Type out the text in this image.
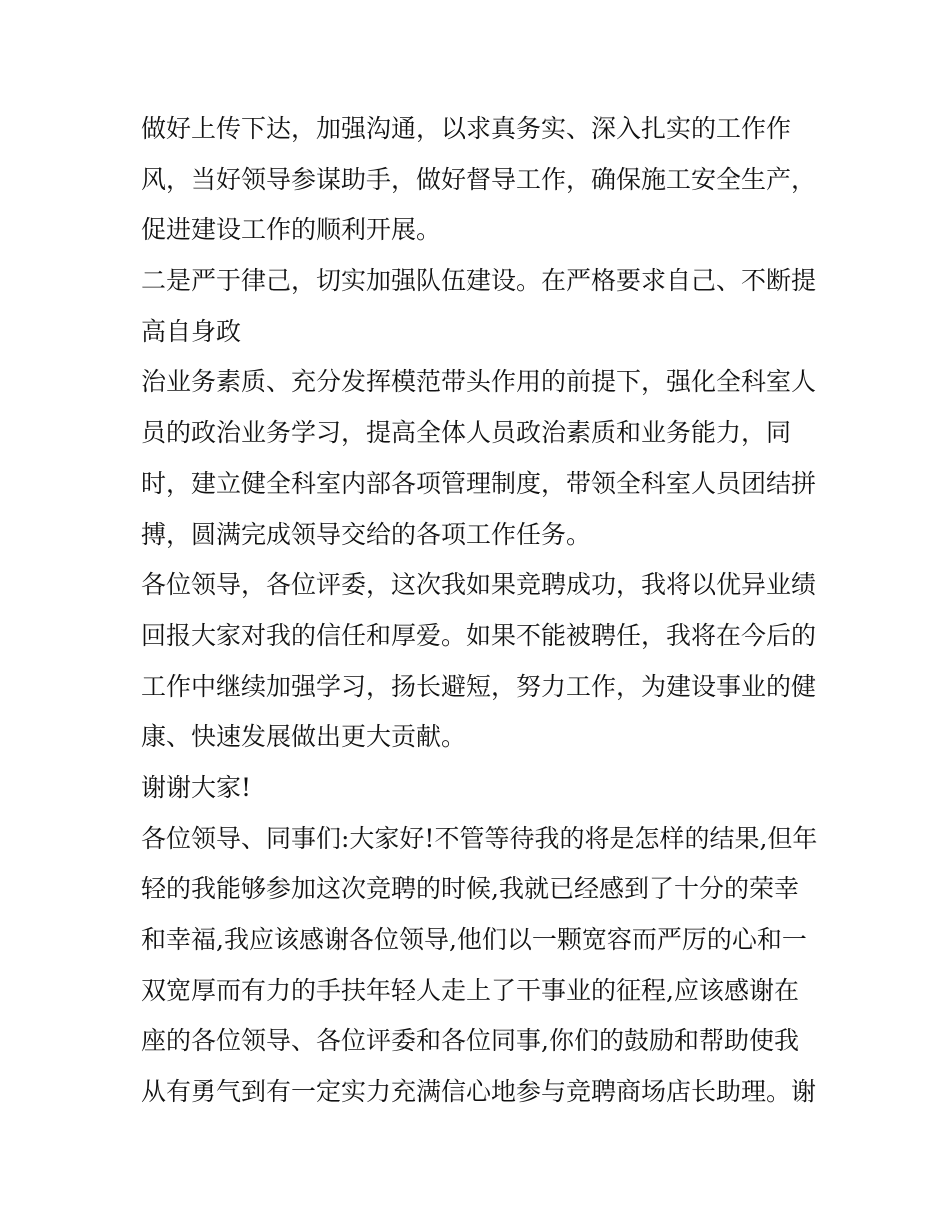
做好上传下达，加强沟通，以求真务实、深入扎实的工作作
风，当好领导参谋助手，做好督导工作，确保施工安全生产，
促进建设工作的顺利开展。
二是严于律己，切实加强队伍建设。在严格要求自己、不断提
高自身政
治业务素质、充分发挥模范带头作用的前提下，强化全科室人
员的政治业务学习，提高全体人员政治素质和业务能力，同
时，建立健全科室内部各项管理制度，带领全科室人员团结拼
搏，圆满完成领导交给的各项工作任务。
各位领导，各位评委，这次我如果竞聘成功，我将以优异业绩
回报大家对我的信任和厚爱。如果不能被聘任，我将在今后的
工作中继续加强学习，扬长避短，努力工作，为建设事业的健
康、快速发展做出更大贡献。
谢谢大家!
各位领导、同事们:大家好!不管等待我的将是怎样的结果,但年
轻的我能够参加这次竞聘的时候,我就已经感到了十分的荣幸
和幸福,我应该感谢各位领导,他们以一颗宽容而严厉的心和一
双宽厚而有力的手扶年轻人走上了干事业的征程,应该感谢在
座的各位领导、各位评委和各位同事,你们的鼓励和帮助使我
从有勇气到有一定实力充满信心地参与竞聘商场店长助理。谢
